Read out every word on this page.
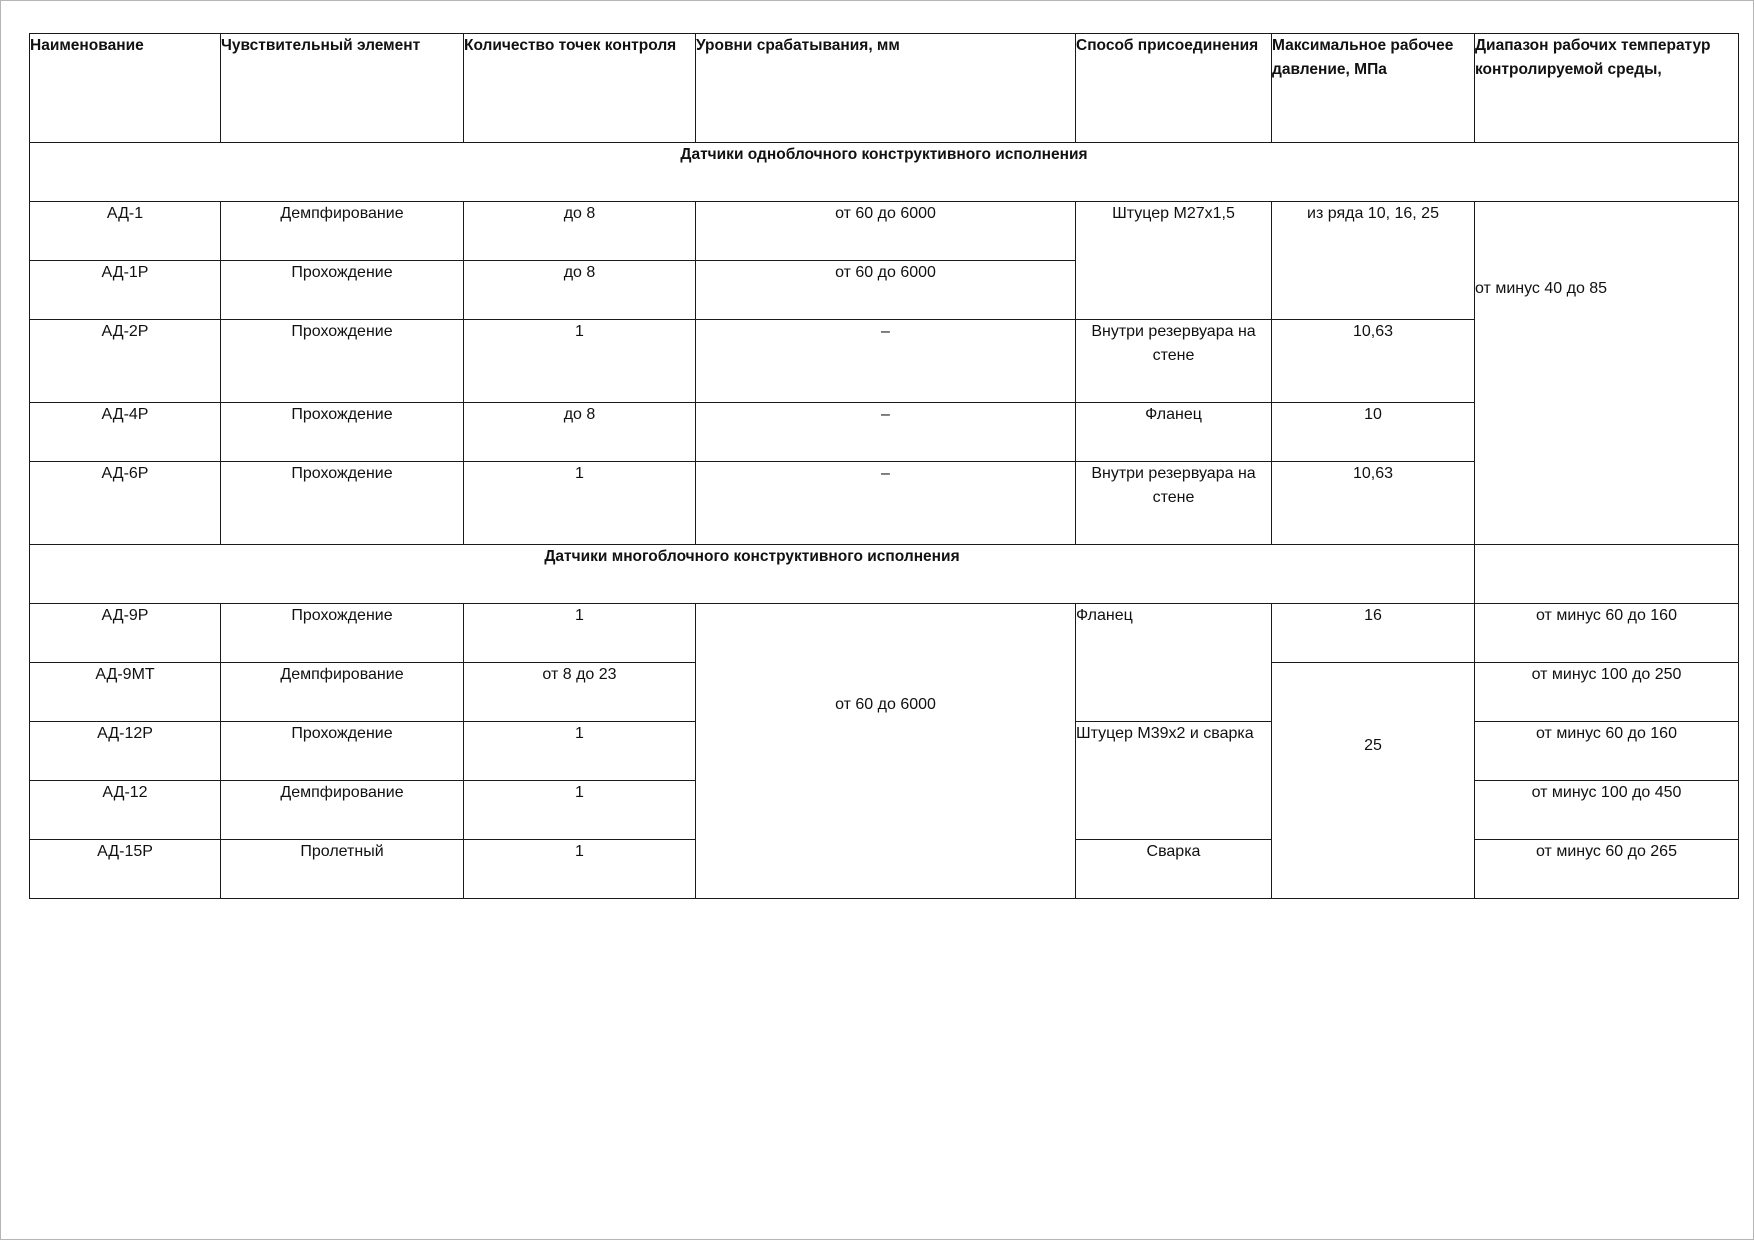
Наименование	Чувствительный элемент	Количество точек контроля	Уровни срабатывания, мм	Способ присоединения	Максимальное рабочее давление, МПа	Диапазон рабочих температур контролируемой среды,
Датчики одноблочного конструктивного исполнения						
АД-1	Демпфирование	до 8	от 60 до 6000	Штуцер М27х1,5	из ряда 10, 16, 25	от минус 40 до 85
АД-1Р	Прохождение	до 8	от 60 до 6000			
АД-2Р	Прохождение	1	–	Внутри резервуара на стене	10,63	
АД-4Р	Прохождение	до 8	–	Фланец	10	
АД-6Р	Прохождение	1	–	Внутри резервуара на стене	10,63	
Датчики многоблочного конструктивного исполнения						
АД-9Р	Прохождение	1	от 60 до 6000	Фланец	16	от минус 60 до 160
АД-9МТ	Демпфирование	от 8 до 23			25	от минус 100 до 250
АД-12Р	Прохождение	1		Штуцер М39х2 и сварка		от минус 60 до 160
АД-12	Демпфирование	1				от минус 100 до 450
АД-15Р	Пролетный	1		Сварка		от минус 60 до 265
